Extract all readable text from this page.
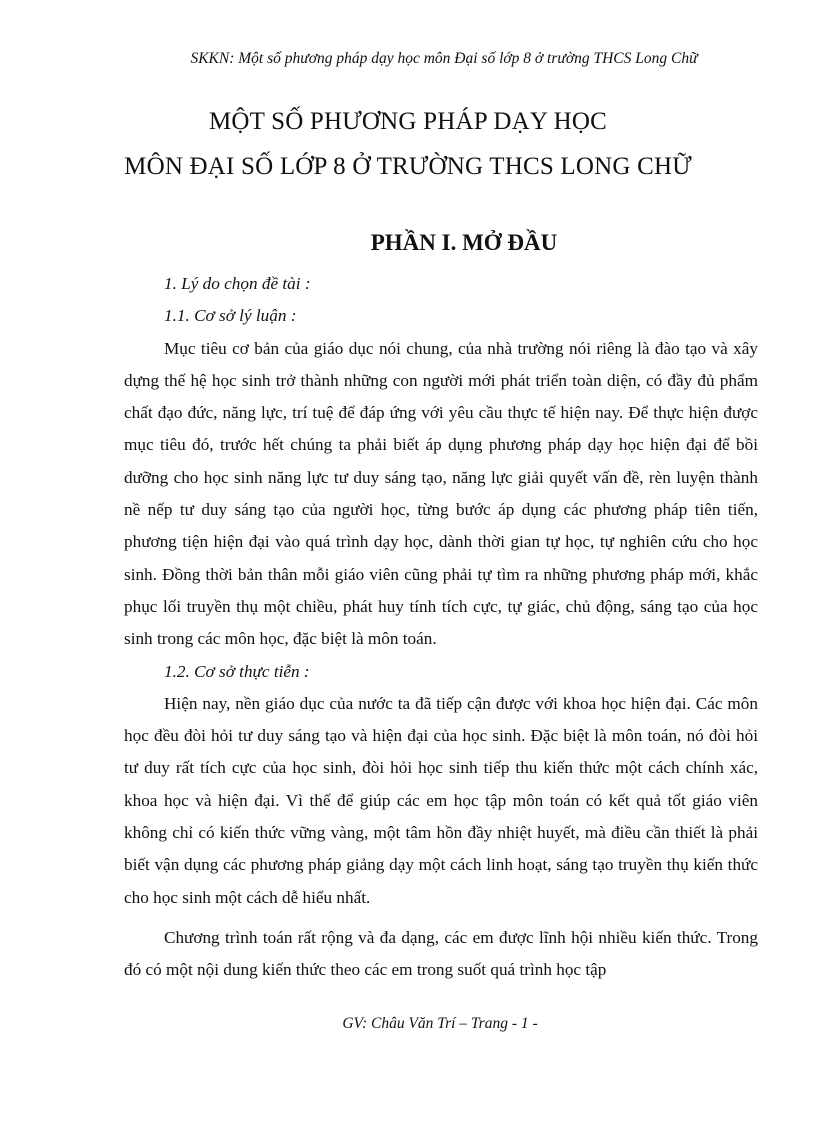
SKKN: Một số phương pháp dạy học môn Đại số lớp 8 ở trường THCS Long Chữ
MỘT SỐ PHƯƠNG PHÁP DẠY HỌC
MÔN ĐẠI SỐ LỚP 8 Ở TRƯỜNG THCS LONG CHỮ
PHẦN I. MỞ ĐẦU

1. Lý do chọn đề tài :

1.1. Cơ sở lý luận :

Mục tiêu cơ bản của giáo dục nói chung, của nhà trường nói riêng là đào tạo và xây dựng thế hệ học sinh trở thành những con người mới phát triển toàn diện, có đầy đủ phẩm chất đạo đức, năng lực, trí tuệ để đáp ứng với yêu cầu thực tế hiện nay. Để thực hiện được mục tiêu đó, trước hết chúng ta phải biết áp dụng phương pháp dạy học hiện đại để bồi dưỡng cho học sinh năng lực tư duy sáng tạo, năng lực giải quyết vấn đề, rèn luyện thành nề nếp tư duy sáng tạo của người học, từng bước áp dụng các phương pháp tiên tiến, phương tiện hiện đại vào quá trình dạy học, dành thời gian tự học, tự nghiên cứu cho học sinh. Đồng thời bản thân mỗi giáo viên cũng phải tự tìm ra những phương pháp mới, khắc phục lối truyền thụ một chiều, phát huy tính tích cực, tự giác, chủ động, sáng tạo của học sinh trong các môn học, đặc biệt là môn toán.

1.2. Cơ sở thực tiễn :

Hiện nay, nền giáo dục của nước ta đã tiếp cận được với khoa học hiện đại. Các môn học đều đòi hỏi tư duy sáng tạo và hiện đại của học sinh. Đặc biệt là môn toán, nó đòi hỏi tư duy rất tích cực của học sinh, đòi hỏi học sinh tiếp thu kiến thức một cách chính xác, khoa học và hiện đại. Vì thế để giúp các em học tập môn toán có kết quả tốt giáo viên không chỉ có kiến thức vững vàng, một tâm hồn đầy nhiệt huyết, mà điều cần thiết là phải biết vận dụng các phương pháp giảng dạy một cách linh hoạt, sáng tạo truyền thụ kiến thức cho học sinh một cách dễ hiểu nhất.

Chương trình toán rất rộng và đa dạng, các em được lĩnh hội nhiều kiến thức. Trong đó có một nội dung kiến thức theo các em trong suốt quá trình học tập

GV: Châu Văn Trí – Trang - 1 -
